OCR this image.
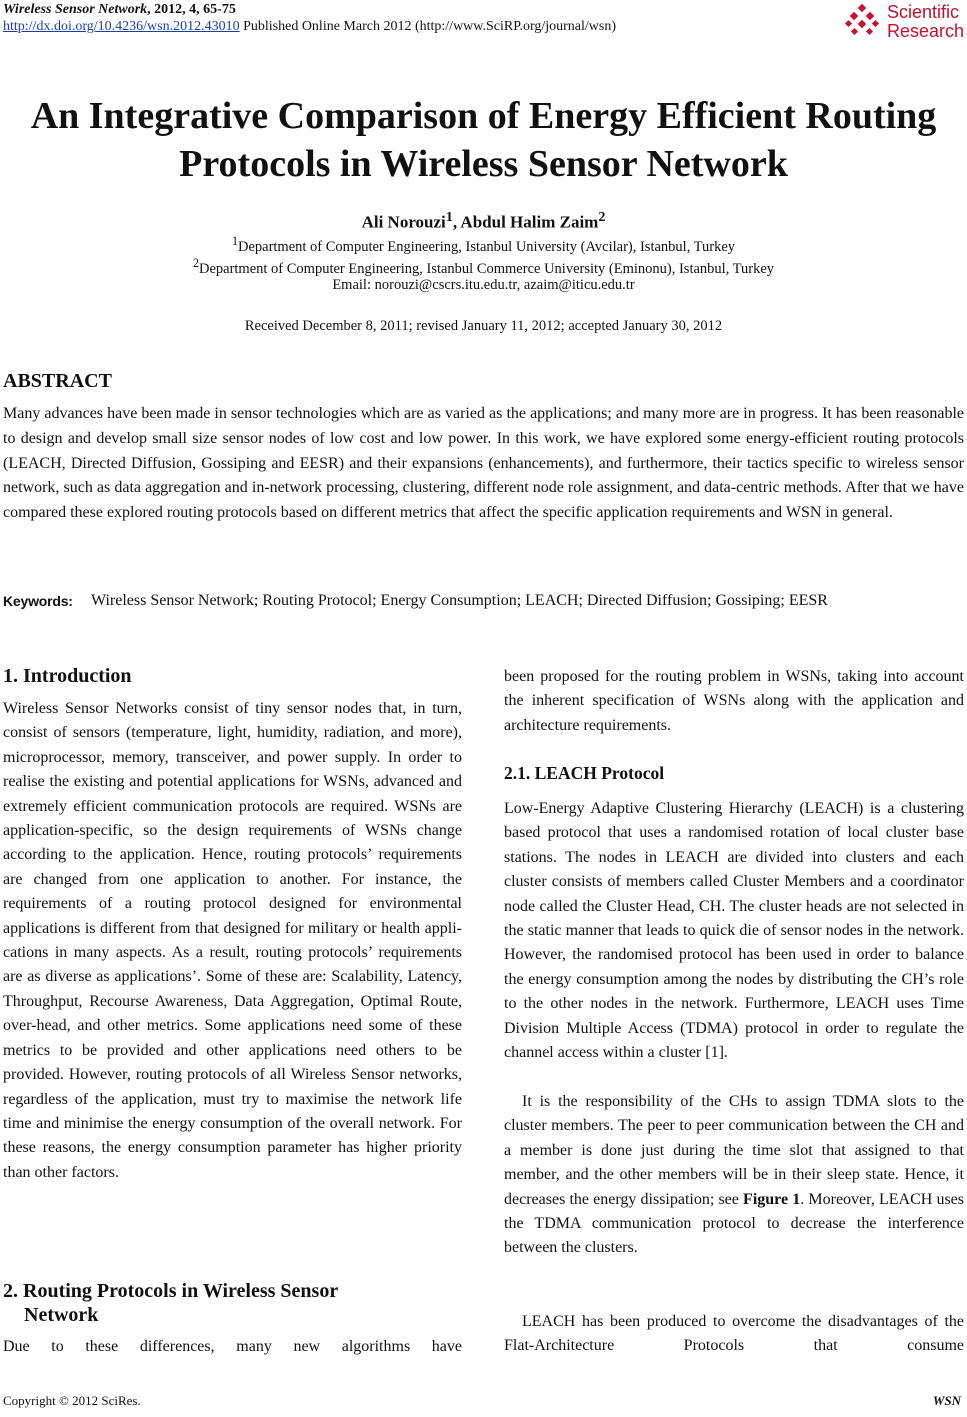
Wireless Sensor Network, 2012, 4, 65-75
http://dx.doi.org/10.4236/wsn.2012.43010 Published Online March 2012 (http://www.SciRP.org/journal/wsn)
Scientific
Research
An Integrative Comparison of Energy Efficient Routing
Protocols in Wireless Sensor Network
Ali Norouzi$^1$, Abdul Halim Zaim$^2$
$^1$Department of Computer Engineering, Istanbul University (Avcilar), Istanbul, Turkey
$^2$Department of Computer Engineering, Istanbul Commerce University (Eminonu), Istanbul, Turkey
Email: norouzi@cscrs.itu.edu.tr, azaim@iticu.edu.tr
Received December 8, 2011; revised January 11, 2012; accepted January 30, 2012
ABSTRACT
Many advances have been made in sensor technologies which are as varied as the applications; and many more are in progress. It has been reasonable to design and develop small size sensor nodes of low cost and low power. In this work, we have explored some energy-efficient routing protocols (LEACH, Directed Diffusion, Gossiping and EESR) and their expansions (enhancements), and furthermore, their tactics specific to wireless sensor network, such as data aggregation and in-network processing, clustering, different node role assignment, and data-centric methods. After that we have compared these explored routing protocols based on different metrics that affect the specific application requirements and WSN in general.
Keywords: Wireless Sensor Network; Routing Protocol; Energy Consumption; LEACH; Directed Diffusion; Gossiping; EESR
1. Introduction
Wireless Sensor Networks consist of tiny sensor nodes that, in turn, consist of sensors (temperature, light, humidity, radiation, and more), microprocessor, memory, transceiver, and power supply. In order to realise the existing and potential applications for WSNs, advanced and extremely efficient communication protocols are required. WSNs are application-specific, so the design requirements of WSNs change according to the application. Hence, routing protocols’ requirements are changed from one application to another. For instance, the requirements of a routing protocol designed for environmental applications is different from that designed for military or health applications in many aspects. As a result, routing protocols’ requirements are as diverse as applications’. Some of these are: Scalability, Latency, Throughput, Recourse Awareness, Data Aggregation, Optimal Route, over-head, and other metrics. Some applications need some of these metrics to be provided and other applications need others to be provided. However, routing protocols of all Wireless Sensor networks, regardless of the application, must try to maximise the network life time and minimise the energy consumption of the overall network. For these reasons, the energy consumption parameter has higher priority than other factors.
2. Routing Protocols in Wireless Sensor
Network
Due to these differences, many new algorithms have
been proposed for the routing problem in WSNs, taking into account the inherent specification of WSNs along with the application and architecture requirements.
2.1. LEACH Protocol
Low-Energy Adaptive Clustering Hierarchy (LEACH) is a clustering based protocol that uses a randomised rotation of local cluster base stations. The nodes in LEACH are divided into clusters and each cluster consists of members called Cluster Members and a coordinator node called the Cluster Head, CH. The cluster heads are not selected in the static manner that leads to quick die of sensor nodes in the network. However, the randomised protocol has been used in order to balance the energy consumption among the nodes by distributing the CH’s role to the other nodes in the network. Furthermore, LEACH uses Time Division Multiple Access (TDMA) protocol in order to regulate the channel access within a cluster [1].
It is the responsibility of the CHs to assign TDMA slots to the cluster members. The peer to peer communication between the CH and a member is done just during the time slot that assigned to that member, and the other members will be in their sleep state. Hence, it decreases the energy dissipation; see Figure 1. Moreover, LEACH uses the TDMA communication protocol to decrease the interference between the clusters.
LEACH has been produced to overcome the disadvantages of the Flat-Architecture Protocols that consume
Copyright © 2012 SciRes.	WSN
